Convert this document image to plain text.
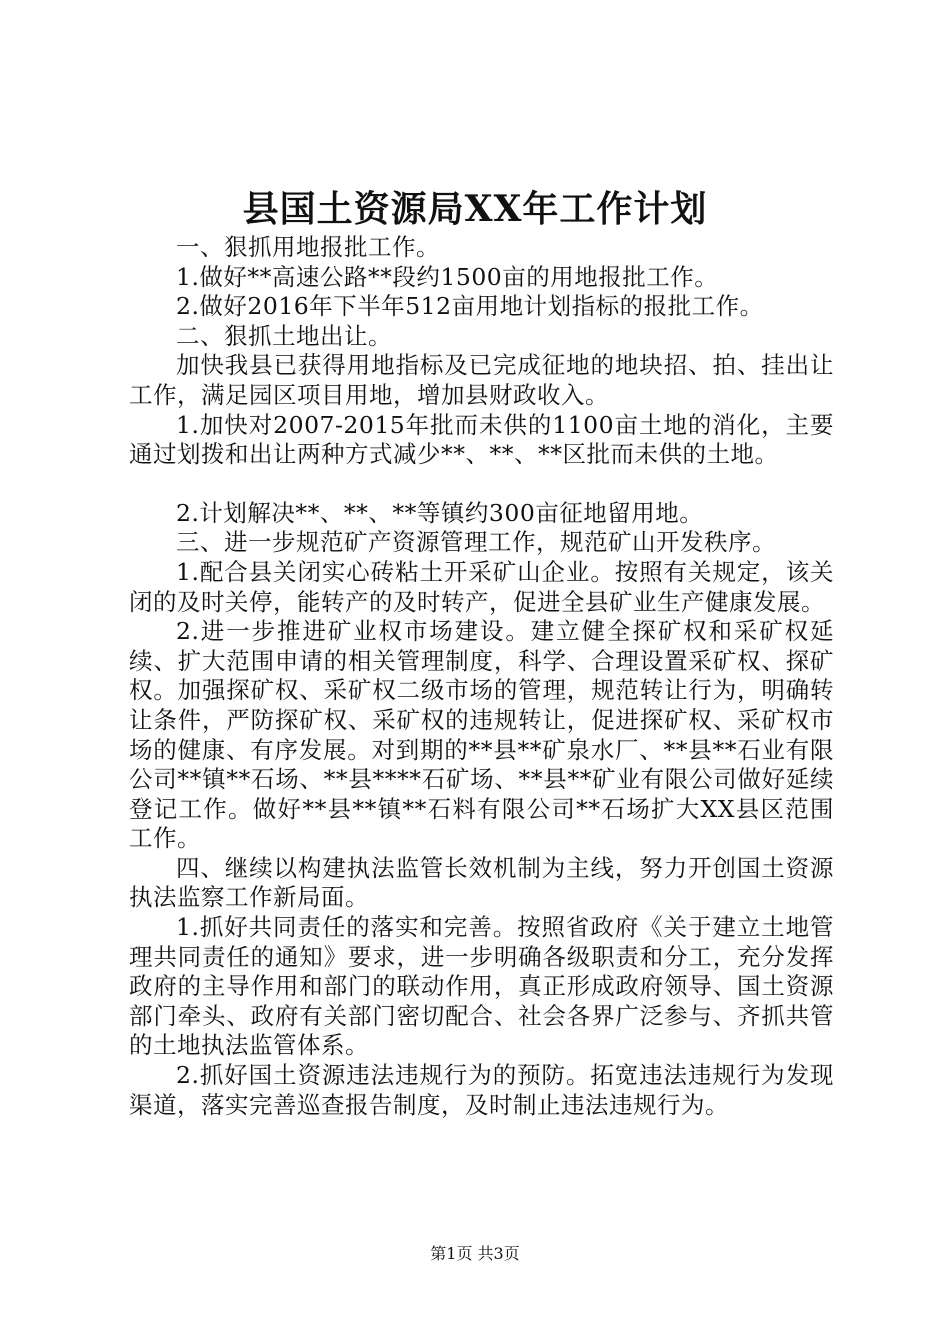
县国土资源局XX年工作计划

一、狠抓用地报批工作。

1.做好**高速公路**段约1500亩的用地报批工作。

2.做好2016年下半年512亩用地计划指标的报批工作。

二、狠抓土地出让。

加快我县已获得用地指标及已完成征地的地块招、拍、挂出让工作，满足园区项目用地，增加县财政收入。

1.加快对2007-2015年批而未供的1100亩土地的消化，主要通过划拨和出让两种方式减少**、**、**区批而未供的土地。

2.计划解决**、**、**等镇约300亩征地留用地。

三、进一步规范矿产资源管理工作，规范矿山开发秩序。

1.配合县关闭实心砖粘土开采矿山企业。按照有关规定，该关闭的及时关停，能转产的及时转产，促进全县矿业生产健康发展。

2.进一步推进矿业权市场建设。建立健全探矿权和采矿权延续、扩大范围申请的相关管理制度，科学、合理设置采矿权、探矿权。加强探矿权、采矿权二级市场的管理，规范转让行为，明确转让条件，严防探矿权、采矿权的违规转让，促进探矿权、采矿权市场的健康、有序发展。对到期的**县**矿泉水厂、**县**石业有限公司**镇**石场、**县****石矿场、**县**矿业有限公司做好延续登记工作。做好**县**镇**石料有限公司**石场扩大XX县区范围工作。

四、继续以构建执法监管长效机制为主线，努力开创国土资源执法监察工作新局面。

1.抓好共同责任的落实和完善。按照省政府《关于建立土地管理共同责任的通知》要求，进一步明确各级职责和分工，充分发挥政府的主导作用和部门的联动作用，真正形成政府领导、国土资源部门牵头、政府有关部门密切配合、社会各界广泛参与、齐抓共管的土地执法监管体系。

2.抓好国土资源违法违规行为的预防。拓宽违法违规行为发现渠道，落实完善巡查报告制度，及时制止违法违规行为。

第1页 共3页
